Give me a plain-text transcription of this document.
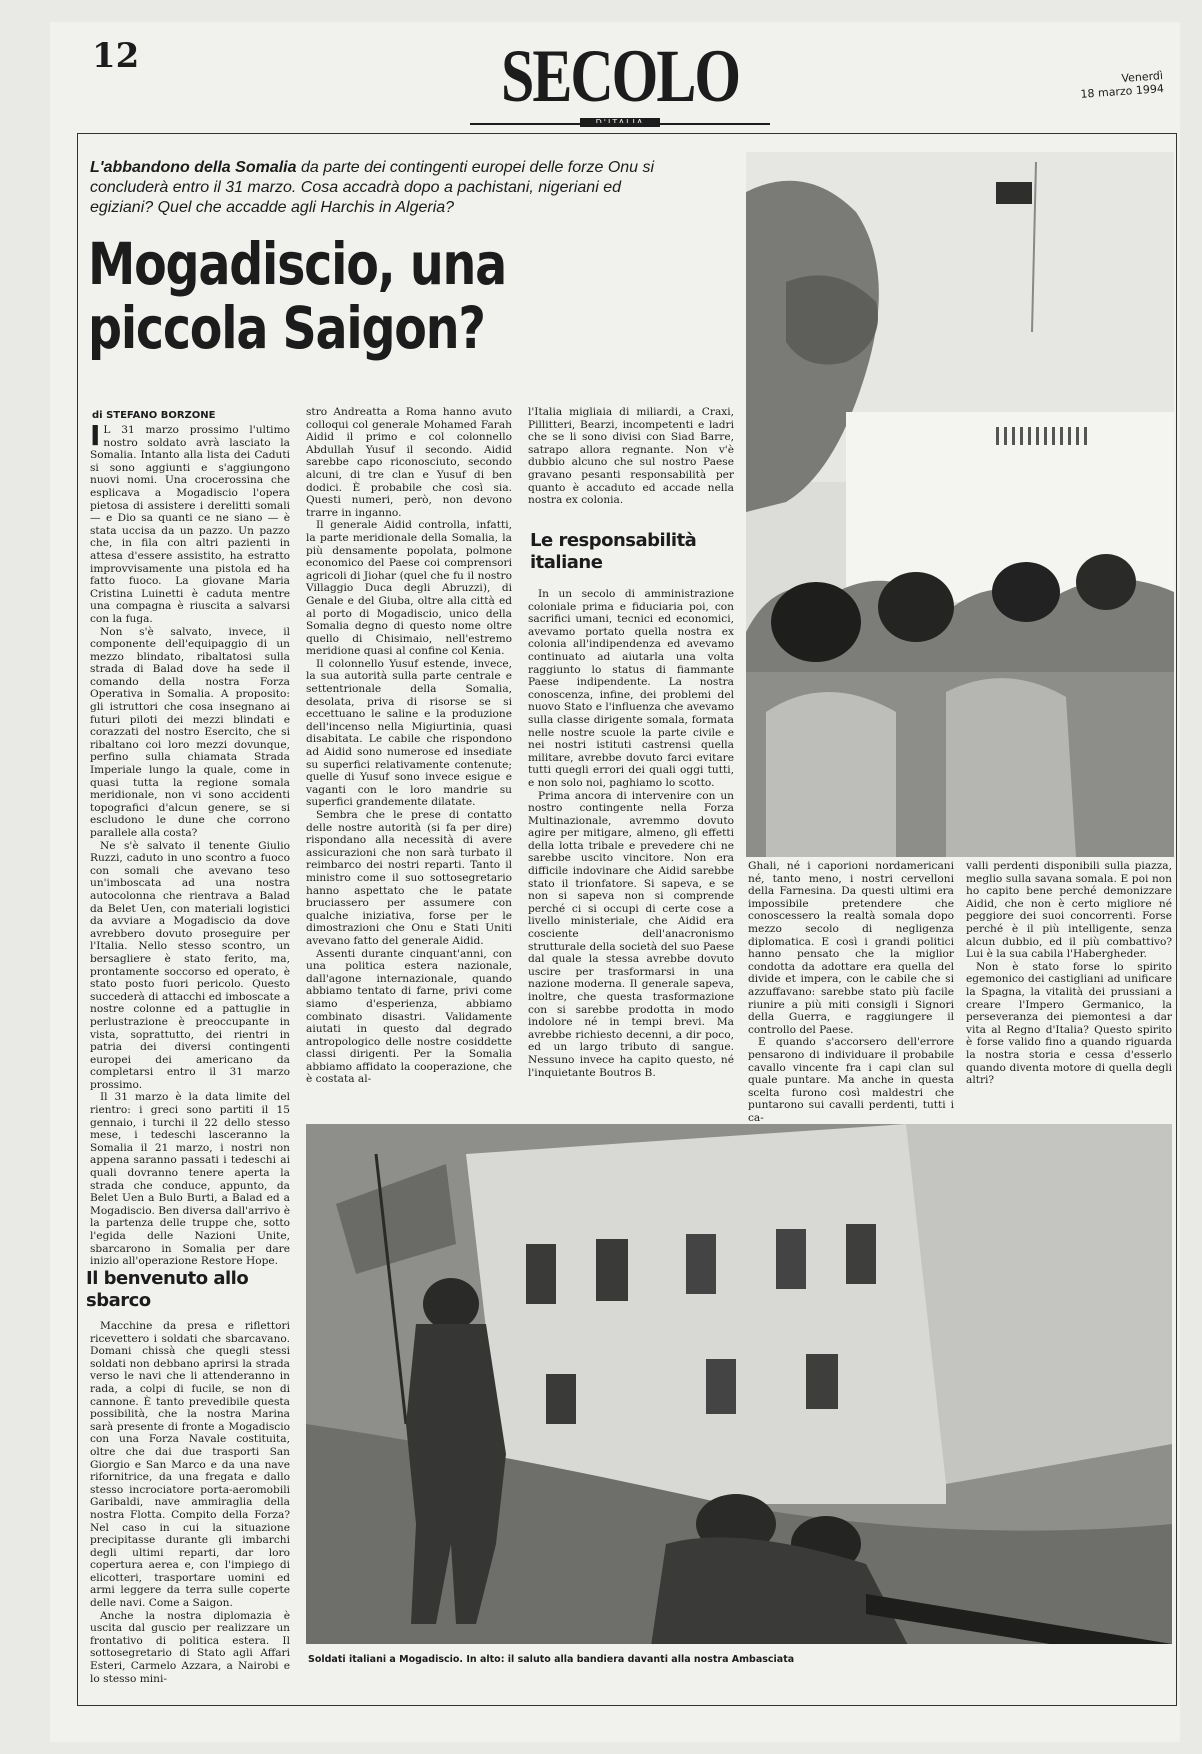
12	SECOLO	Venerdì
18 marzo 1994
L'abbandono della Somalia da parte dei contingenti europei delle forze Onu si concluderà entro il 31 marzo. Cosa accadrà dopo a pachistani, nigeriani ed egiziani? Quel che accadde agli Harchis in Algeria?
Mogadiscio, una
piccola Saigon?
di STEFANO BORZONE

I L 31 marzo prossimo l'ultimo nostro soldato avrà lasciato la Somalia. Intanto alla lista dei Caduti si sono aggiunti e s'aggiungono nuovi nomi. Una crocerossina che esplicava a Mogadiscio l'opera pietosa di assistere i derelitti somali — e Dio sa quanti ce ne siano — è stata uccisa da un pazzo. Un pazzo che, in fila con altri pazienti in attesa d'essere assistito, ha estratto improvvisamente una pistola ed ha fatto fuoco. La giovane Maria Cristina Luinetti è caduta mentre una compagna è riuscita a salvarsi con la fuga.

Non s'è salvato, invece, il componente dell'equipaggio di un mezzo blindato, ribaltatosi sulla strada di Balad dove ha sede il comando della nostra Forza Operativa in Somalia. A proposito: gli istruttori che cosa insegnano ai futuri piloti dei mezzi blindati e corazzati del nostro Esercito, che si ribaltano coi loro mezzi dovunque, perfino sulla chiamata Strada Imperiale lungo la quale, come in quasi tutta la regione somala meridionale, non vi sono accidenti topografici d'alcun genere, se si escludono le dune che corrono parallele alla costa?

Ne s'è salvato il tenente Giulio Ruzzi, caduto in uno scontro a fuoco con somali che avevano teso un'imboscata ad una nostra autocolonna che rientrava a Balad da Belet Uen, con materiali logistici da avviare a Mogadiscio da dove avrebbero dovuto proseguire per l'Italia. Nello stesso scontro, un bersagliere è stato ferito, ma, prontamente soccorso ed operato, è stato posto fuori pericolo. Questo succederà di attacchi ed imboscate a nostre colonne ed a pattuglie in perlustrazione è preoccupante in vista, soprattutto, dei rientri in patria dei diversi contingenti europei dei americano da completarsi entro il 31 marzo prossimo.

Il 31 marzo è la data limite del rientro: i greci sono partiti il 15 gennaio, i turchi il 22 dello stesso mese, i tedeschi lasceranno la Somalia il 21 marzo, i nostri non appena saranno passati i tedeschi ai quali dovranno tenere aperta la strada che conduce, appunto, da Belet Uen a Bulo Burti, a Balad ed a Mogadiscio. Ben diversa dall'arrivo è la partenza delle truppe che, sotto l'egida delle Nazioni Unite, sbarcarono in Somalia per dare inizio all'operazione Restore Hope.

Il benvenuto allo sbarco

Macchine da presa e riflettori ricevettero i soldati che sbarcavano. Domani chissà che quegli stessi soldati non debbano aprirsi la strada verso le navi che li attenderanno in rada, a colpi di fucile, se non di cannone. È tanto prevedibile questa possibilità, che la nostra Marina sarà presente di fronte a Mogadiscio con una Forza Navale costituita, oltre che dai due trasporti San Giorgio e San Marco e da una nave rifornitrice, da una fregata e dallo stesso incrociatore porta-aeromobili Garibaldi, nave ammiraglia della nostra Flotta. Compito della Forza? Nel caso in cui la situazione precipitasse durante gli imbarchi degli ultimi reparti, dar loro copertura aerea e, con l'impiego di elicotteri, trasportare uomini ed armi leggere da terra sulle coperte delle navi. Come a Saigon.

Anche la nostra diplomazia è uscita dal guscio per realizzare un frontativo di politica estera. Il sottosegretario di Stato agli Affari Esteri, Carmelo Azzara, a Nairobi e lo stesso mini-

stro Andreatta a Roma hanno avuto colloqui col generale Mohamed Farah Aidid il primo e col colonnello Abdullah Yusuf il secondo. Aidid sarebbe capo riconosciuto, secondo alcuni, di tre clan e Yusuf di ben dodici. È probabile che così sia. Questi numeri, però, non devono trarre in inganno.

Il generale Aidid controlla, infatti, la parte meridionale della Somalia, la più densamente popolata, polmone economico del Paese coi comprensori agricoli di Jiohar (quel che fu il nostro Villaggio Duca degli Abruzzi), di Genale e del Giuba, oltre alla città ed al porto di Mogadiscio, unico della Somalia degno di questo nome oltre quello di Chisimaio, nell'estremo meridione quasi al confine col Kenia.

Il colonnello Yusuf estende, invece, la sua autorità sulla parte centrale e settentrionale della Somalia, desolata, priva di risorse se si eccettuano le saline e la produzione dell'incenso nella Migiurtinia, quasi disabitata. Le cabile che rispondono ad Aidid sono numerose ed insediate su superfici relativamente contenute; quelle di Yusuf sono invece esigue e vaganti con le loro mandrie su superfici grandemente dilatate.

Sembra che le prese di contatto delle nostre autorità (si fa per dire) rispondano alla necessità di avere assicurazioni che non sarà turbato il reimbarco dei nostri reparti. Tanto il ministro come il suo sottosegretario hanno aspettato che le patate bruciassero per assumere con qualche iniziativa, forse per le dimostrazioni che Onu e Stati Uniti avevano fatto del generale Aidid.

Assenti durante cinquant'anni, con una politica estera nazionale, dall'agone internazionale, quando abbiamo tentato di farne, privi come siamo d'esperienza, abbiamo combinato disastri. Validamente aiutati in questo dal degrado antropologico delle nostre cosiddette classi dirigenti. Per la Somalia abbiamo affidato la cooperazione, che è costata al-

l'Italia migliaia di miliardi, a Craxi, Pillitteri, Bearzi, incompetenti e ladri che se li sono divisi con Siad Barre, satrapo allora regnante. Non v'è dubbio alcuno che sul nostro Paese gravano pesanti responsabilità per quanto è accaduto ed accade nella nostra ex colonia.

Le responsabilità italiane

In un secolo di amministrazione coloniale prima e fiduciaria poi, con sacrifici umani, tecnici ed economici, avevamo portato quella nostra ex colonia all'indipendenza ed avevamo continuato ad aiutarla una volta raggiunto lo status di fiammante Paese indipendente. La nostra conoscenza, infine, dei problemi del nuovo Stato e l'influenza che avevamo sulla classe dirigente somala, formata nelle nostre scuole la parte civile e nei nostri istituti castrensi quella militare, avrebbe dovuto farci evitare tutti quegli errori dei quali oggi tutti, e non solo noi, paghiamo lo scotto.

Prima ancora di intervenire con un nostro contingente nella Forza Multinazionale, avremmo dovuto agire per mitigare, almeno, gli effetti della lotta tribale e prevedere chi ne sarebbe uscito vincitore. Non era difficile indovinare che Aidid sarebbe stato il trionfatore. Si sapeva, e se non si sapeva non si comprende perché ci si occupi di certe cose a livello ministeriale, che Aidid era cosciente dell'anacronismo strutturale della società del suo Paese dal quale la stessa avrebbe dovuto uscire per trasformarsi in una nazione moderna. Il generale sapeva, inoltre, che questa trasformazione con si sarebbe prodotta in modo indolore né in tempi brevi. Ma avrebbe richiesto decenni, a dir poco, ed un largo tributo di sangue. Nessuno invece ha capito questo, né l'inquietante Boutros B.

Ghali, né i caporioni nordamericani né, tanto meno, i nostri cervelloni della Farnesina. Da questi ultimi era impossibile pretendere che conoscessero la realtà somala dopo mezzo secolo di negligenza diplomatica. E così i grandi politici hanno pensato che la miglior condotta da adottare era quella del divide et impera, con le cabile che si azzuffavano: sarebbe stato più facile riunire a più miti consigli i Signori della Guerra, e raggiungere il controllo del Paese.

E quando s'accorsero dell'errore pensarono di individuare il probabile cavallo vincente fra i capi clan sul quale puntare. Ma anche in questa scelta furono così maldestri che puntarono sui cavalli perdenti, tutti i ca-

valli perdenti disponibili sulla piazza, meglio sulla savana somala. E poi non ho capito bene perché demonizzare Aidid, che non è certo migliore né peggiore dei suoi concorrenti. Forse perché è il più intelligente, senza alcun dubbio, ed il più combattivo? Lui è la sua cabila l'Habergheder.

Non è stato forse lo spirito egemonico dei castigliani ad unificare la Spagna, la vitalità dei prussiani a creare l'Impero Germanico, la perseveranza dei piemontesi a dar vita al Regno d'Italia? Questo spirito è forse valido fino a quando riguarda la nostra storia e cessa d'esserlo quando diventa motore di quella degli altri?

Soldati italiani a Mogadiscio. In alto: il saluto alla bandiera davanti alla nostra Ambasciata
